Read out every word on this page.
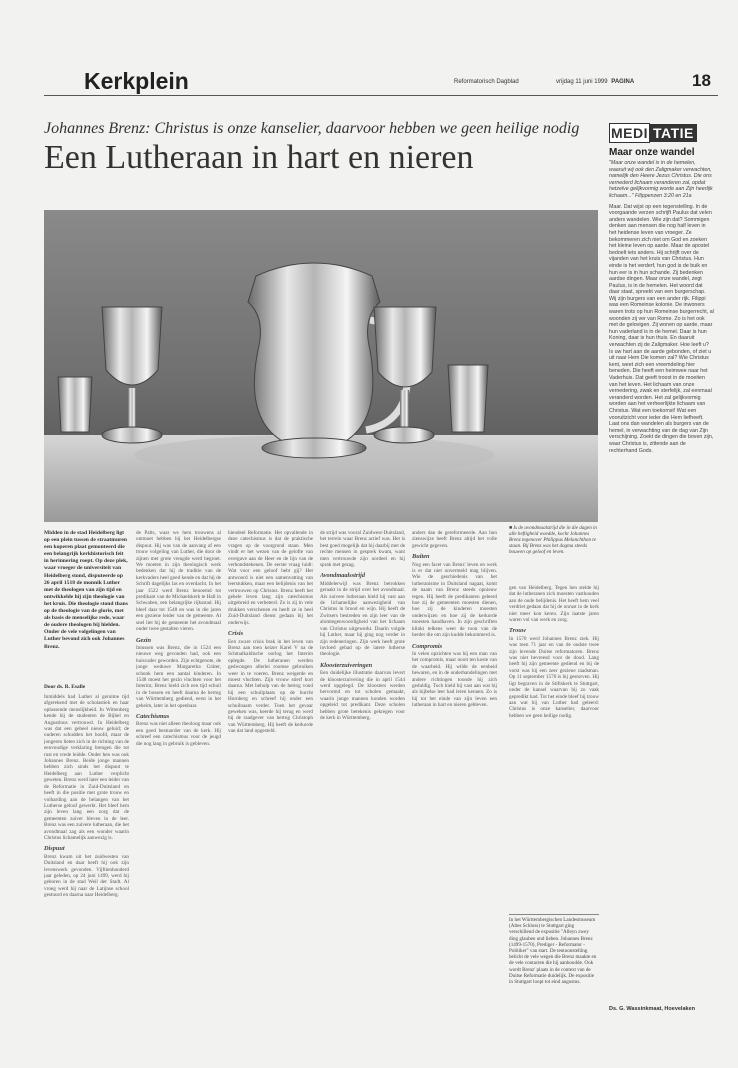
Kerkplein	Reformatorisch Dagblad	vrijdag 11 juni 1999 PAGINA	18
Johannes Brenz: Christus is onze kanselier, daarvoor hebben we geen heilige nodig
Een Lutheraan in hart en nieren
Midden in de stad Heidelberg ligt op een plein tussen de straatmuren een koperen plaat gemonteerd die een belangrijk kerkhistorisch feit in herinnering roept. Op deze plek, waar vroeger de universiteit van Heidelberg stond, disputeerde op 26 april 1518 de monnik Luther met de theologen van zijn tijd en ontwikkelde hij zijn theologie van het kruis. Die theologie stond thans op de theologie van de glorie, met als basis de menselijke rede, waar de oudere theologen bij hielden. Onder de vele volgelingen van Luther bevond zich ook Johannes Brenz.
Door ds. R. Esalle

Inmiddels had Luther al geruime tijd afgerekend met de scholastiek en haar oplossende menslijkheid. In Wittenberg kende hij de studenten de Bijbel en Augustinus vertrouwd. In Heidelberg was dat een geheel nieuw geluid; de ouderen schudden het hoofd, maar de jongeren lieten zich in de richting van de eenvoudige verklaring brengen die tot rust en vrede leidde. Onder hen was ook Johannes Brenz. Beide jonge mannen hebben zich sinds het dispuut te Heidelberg aan Luther verplicht geweten. Brenz werd later een leider van de Reformatie in Zuid-Duitsland en heeft in die positie met grote trouw en volharding aan de belangen van het Lutherse geloof gewerkt. Het bleef hem zijn leven lang een zorg dat de gemeenten zuiver bleven in de leer. Brenz was een zuivere lutheraan, die het avondmaal zag als een wonder waarin Christus lichamelijk aanwezig is.

Dispuut

Brenz kwam uit het zuidwesten van Duitsland en daar heeft hij ook zijn levenswerk gevonden. Vijftienhonderd jaar geleden, op 24 juni 1499, werd hij geboren in de stad Weil der Stadt. Al vroeg werd hij naar de Latijnse school gestuurd en daarna naar Heidelberg.

de Palts, waar we hem trouwens al ontmoet hebben bij het Heidelbergse dispuut. Hij was van de aanvang af een trouw volgeling van Luther, die door de zijnen met grote vreugde werd begroet. We moeten in zijn theologisch werk bedenken dat hij de traditie van de kerkvaders heel goed kende en dat hij de Schrift dagelijks las en overdacht. In het jaar 1522 werd Brenz benoemd tot predikant van de Michaelskerk te Hall in Schwaben, een belangrijke rijksstad. Hij bleef daar tot 1548 en was in die jaren een geziene leider van de gemeente. Al snel liet hij de gemeente het avondmaal onder twee gestalten vieren.

Gezin

Intussen was Brenz, die in 1524 een nieuwe weg gevonden had, ook een huisvader geworden. Zijn echtgenote, de jonge weduwe Margaretha Gräter, schonk hem een aantal kinderen. In 1548 moest het gezin vluchten voor het Interim; Brenz hield zich een tijd schuil in de bossen en heeft daarna de hertog van Württemberg gediend, eerst in het geheim, later in het openbaar.

Catechismus

Brenz was niet alleen theoloog maar ook een goed bestuurder van de kerk. Hij schreef een catechismus voor de jeugd die nog lang in gebruik is gebleven.

hiendeel Reformatie. Het opvallende in deze catechismus is dat de praktische vragen op de voorgrond staan. Men vindt er het wezen van de gelofte van overgave aan de Heer en de lijn van de verbondstekenen. De eerste vraag luidt: Wat voor een geloof hebt gij? Het antwoord is niet een samenvatting van leerstukken, maar een belijdenis van het vertrouwen op Christus. Brenz heeft het gehele leven lang zijn catechismus uitgebreid en verbeterd. Zo is zij in vele drukken verschenen en heeft ze in heel Zuid-Duitsland dienst gedaan bij het onderwijs.

Crisis

Een zware crisis brak in het leven van Brenz aan toen keizer Karel V na de Schmalkaldische oorlog het Interim oplegde. De lutheranen werden gedwongen allerlei roomse gebruiken weer in te voeren. Brenz weigerde en moest vluchten. Zijn vrouw stierf kort daarna. Met behulp van de hertog vond hij een schuilplaats op de burcht Hornberg en schreef hij onder een schuilnaam verder. Toen het gevaar geweken was, keerde hij terug en werd hij de raadgever van hertog Christoph van Württemberg. Hij heeft de kerkorde van dat land opgesteld.

de strijd was vooral Zuidwest-Duitsland, het terrein waar Brenz actief was. Het is best goed mogelijk dat hij daarbij met de rechte mensen in gesprek kwam, want men vertrouwde zijn oordeel en hij sprak met gezag.

Avondmaalsstrijd

Middelerwijl was Brenz betrokken geraakt in de strijd over het avondmaal. Als zuivere lutheraan hield hij vast aan de lichamelijke aanwezigheid van Christus in brood en wijn. Hij heeft de Zwitsers bestreden en zijn leer van de alomtegenwoordigheid van het lichaam van Christus uitgewerkt. Daarin volgde hij Luther, maar hij ging nog verder in zijn redeneringen. Zijn werk heeft grote invloed gehad op de latere lutherse theologie.

Kloosterzuiveringen

Een duidelijke illustratie daarvan levert de kloosterzuivering die in april 1544 werd opgelegd. De kloosters werden hervormd en tot scholen gemaakt, waarin jonge mannen konden worden opgeleid tot predikant. Deze scholen hebben grote betekenis gekregen voor de kerk in Württemberg.

anders dan de gereformeerde. Aan hun zienswijze heeft Brenz altijd het volle gewicht gegeven.

Buiten

Nog een facet van Brenz' leven en werk is er dat niet onvermeld mag blijven. Wie de geschiedenis van het lutheranisme in Duitsland nagaat, komt de naam van Brenz steeds opnieuw tegen. Hij heeft de predikanten geleerd hoe zij de gemeenten moesten dienen, hoe zij de kinderen moesten onderwijzen en hoe zij de kerkorde moesten handhaven. In zijn geschriften klinkt telkens weer de toon van de herder die om zijn kudde bekommerd is.

Compromis

In velen opzichten was hij een man van het compromis, maar nooit ten koste van de waarheid. Hij wilde de eenheid bewaren, en in de onderhandelingen met andere richtingen toonde hij zich geduldig. Toch hield hij vast aan wat hij als bijbelse leer had leren kennen. Zo is hij tot het einde van zijn leven een lutheraan in hart en nieren gebleven.

■ Is de avondmaalstrijd die in die dagen in alle heftigheid woedde, kocht Johannes Brenz tegenover Philippus Melanchthon te staan. Bij Brenz was het dogma steeds bouwen op geloof en leven.

gen van Heidelberg. Tegen hen stelde hij dat de lutheranen zich moesten vasthouden aan de oude belijdenis. Het heeft hem veel verdriet gedaan dat hij de onrust in de kerk niet meer kon keren. Zijn laatste jaren waren vol van werk en zorg.

Trouw

In 1570 werd Johannes Brenz ziek. Hij was toen 71 jaar en van de oudste twee zijn levende Duitse reformatoren. Brenz was niet bevreesd voor de dood. Lang heeft hij zijn gemeente gediend en bij de vorst was hij een zeer geziene raadsman. Op 11 september 1570 is hij gestorven. Hij ligt begraven in de Stiftskerk te Stuttgart, onder de kansel waarvan hij zo vaak gepredikt had. Tot het einde bleef hij trouw aan wat hij van Luther had geleerd: Christus is onze kanselier, daarvoor hebben we geen heilige nodig.

In het Württembergischen Landesmuseum (Altes Schloss) te Stuttgart ging verschillend de expositie "Alleyn zwey ding glauben und lieben. Johannes Brenz (1499-1570), Prediger - Reformator - Politiker" van start. De tentoonstelling belicht de vele wegen die Brenz maakte en de vele contacten die hij aanhoudde. Ook wordt Brenz' plaats in de context van de Duitse Reformatie duidelijk. De expositie in Stuttgart loopt tot eind augustus.
MEDI TATIE
Maar onze wandel
"Maar onze wandel is in de hemelen, waaruit wij ook den Zaligmaker verwachten, namelijk den Heere Jezus Christus. Die ons vernederd lichaam veranderen zal, opdat hetzelve gelijkvormig worde aan Zijn heerlijk lichaam..." Filippenzen 3:20 en 21a
Maar. Dat wijst op een tegenstelling. In de voorgaande verzen schrijft Paulus dat velen anders wandelen. Wie zijn dat? Sommigen denken aan mensen die nog half leven in het heidense leven van vroeger. Ze bekommeren zich niet om God en zoeken het kleine leven op aarde. Maar de apostel bedoelt iets anders. Hij schrijft over de vijanden van het kruis van Christus. Hun einde is het verderf, hun god is de buik en hun eer is in hun schande. Zij bedenken aardse dingen. Maar onze wandel, zegt Paulus, is in de hemelen. Het woord dat daar staat, spreekt van een burgerschap. Wij zijn burgers van een ander rijk. Filippi was een Romeinse kolonie. De inwoners waren trots op hun Romeinse burgerrecht, al woonden zij ver van Rome. Zo is het ook met de gelovigen. Zij wonen op aarde, maar hun vaderland is in de hemel. Daar is hun Koning, daar is hun thuis. En daaruit verwachten zij de Zaligmaker. Hoe leeft u? Is uw hart aan de aarde gebonden, of ziet u uit naar Hem Die komen zal? Wie Christus kent, weet zich een vreemdeling hier beneden. Die heeft een heimwee naar het Vaderhuis. Dat geeft troost in de moeiten van het leven. Het lichaam van onze vernedering, zwak en sterfelijk, zal eenmaal veranderd worden. Het zal gelijkvormig worden aan het verheerlijkte lichaam van Christus. Wat een toekomst! Wat een vooruitzicht voor ieder die Hem liefheeft. Laat ons dan wandelen als burgers van de hemel, in verwachting van de dag van Zijn verschijning. Zoekt de dingen die boven zijn, waar Christus is, zittende aan de rechterhand Gods.
Ds. G. Wassinkmaat, Hoevelaken
